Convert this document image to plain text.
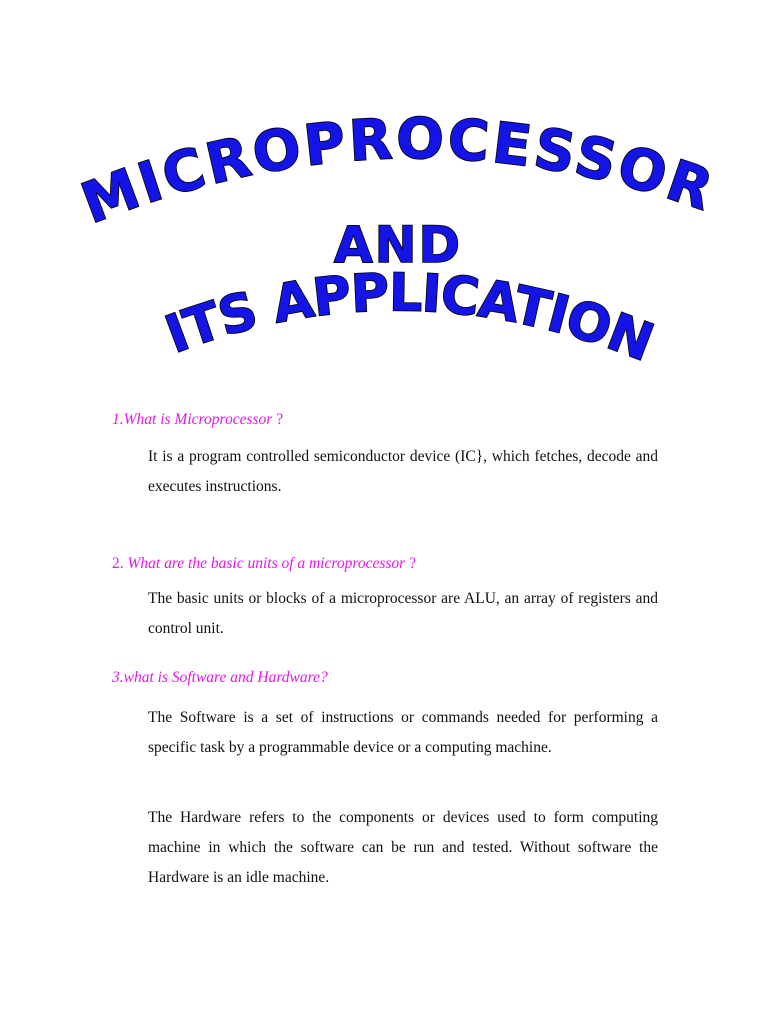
MICROPROCESSOR
AND
ITS APPLICATION
1.What is Microprocessor ?

It is a program controlled semiconductor device (IC}, which fetches, decode and executes instructions.

2. What are the basic units of a microprocessor ?

The basic units or blocks of a microprocessor are ALU, an array of registers and control unit.

3.what is Software and Hardware?

The Software is a set of instructions or commands needed for performing a specific task by a programmable device or a computing machine.

The Hardware refers to the components or devices used to form computing machine in which the software can be run and tested. Without software the Hardware is an idle machine.
